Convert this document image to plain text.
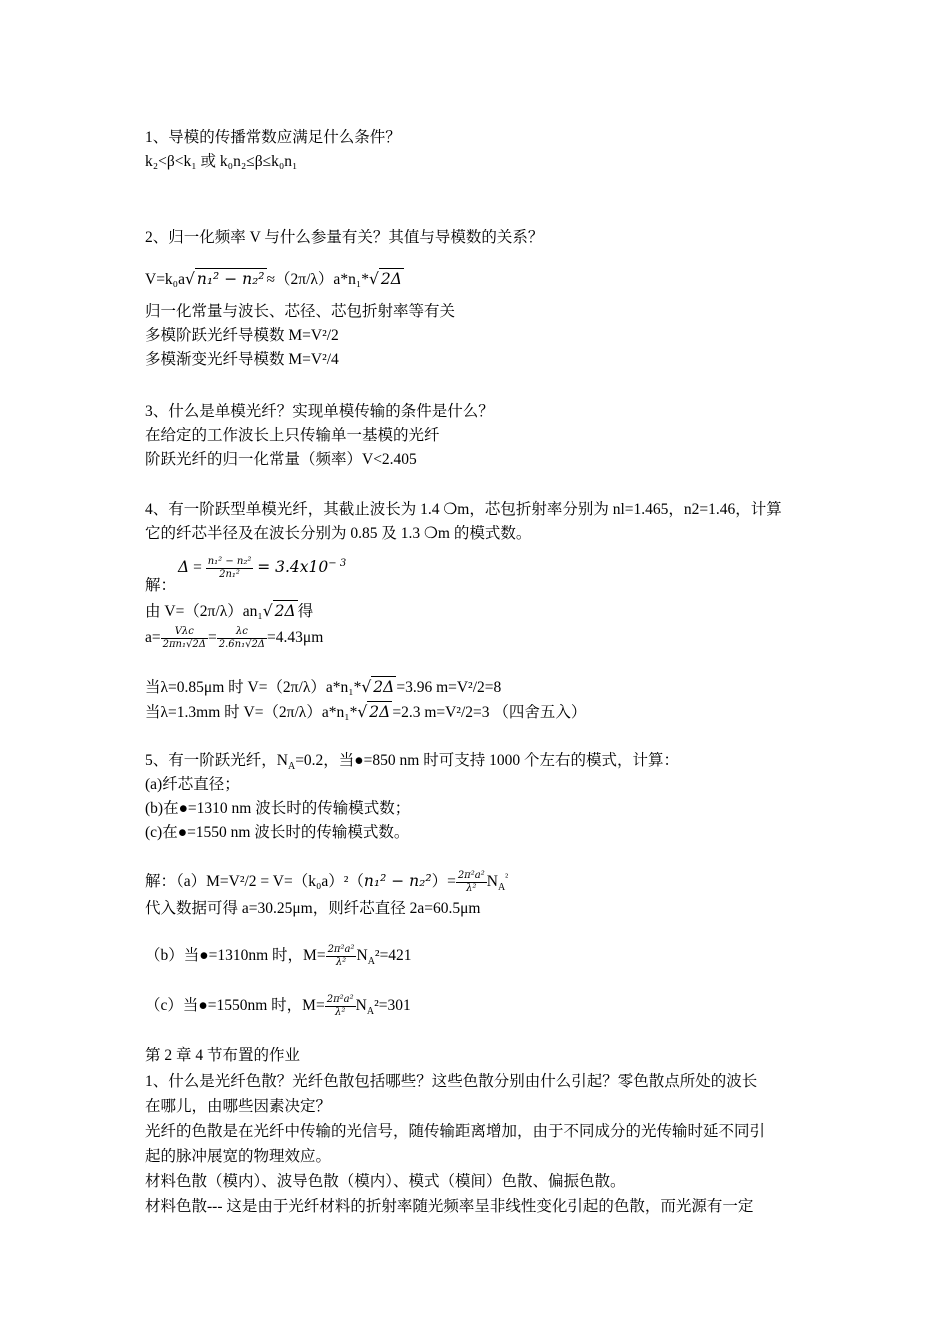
1、导模的传播常数应满足什么条件？
k₂<β<k₁ 或 k₀n₂≤β≤k₀n₁
2、归一化频率 V 与什么参量有关？其值与导模数的关系？
V=k₀a√ n₁² − n₂² ≈（2π/λ）a*n₁*√ 2Δ
归一化常量与波长、芯径、芯包折射率等有关
多模阶跃光纤导模数 M=V²/2
多模渐变光纤导模数 M=V²/4
3、什么是单模光纤？实现单模传输的条件是什么？
在给定的工作波长上只传输单一基模的光纤
阶跃光纤的归一化常量（频率）V<2.405
4、有一阶跃型单模光纤，其截止波长为 1.4 ❍m，芯包折射率分别为 nl=1.465，n2=1.46，计算
它的纤芯半径及在波长分别为 0.85 及 1.3 ❍m 的模式数。
$\Delta = \frac{\text{n₁² − n₂²}}{\text{2n₁²}} = 3.4x10^{- 3}$
解：
由 V=（2π/λ）an₁√ 2Δ 得
$a= \frac{\text{Vλc}}{\text{2πn₁√2Δ}} = \frac{\lambda c}{\text{2.6n₁√2Δ}} =4.43\mu m$
当λ=0.85μm 时 V=（2π/λ）a*n₁*√ 2Δ =3.96 m=V²/2=8
当λ=1.3mm 时 V=（2π/λ）a*n₁*√ 2Δ =2.3 m=V²/2=3 （四舍五入）
5、有一阶跃光纤，$N_A=0.2$，当●=850 nm 时可支持 1000 个左右的模式，计算：
(a)纤芯直径；
(b)在●=1310 nm 波长时的传输模式数；
(c)在●=1550 nm 波长时的传输模式数。
解：$(a)M=V^2/2 = V=(k_0a)^2(n_1^2 - n_2^2)= \frac{\text{2π²a²}}{\text{λ²}} N_A^{^2}$
代入数据可得 a=30.25μm，则纤芯直径 2a=60.5μm
（b）当●=1310nm 时，$M= \frac{\text{2π²a²}}{\text{λ²}} N_A^2=421$
（c）当●=1550nm 时，$M= \frac{\text{2π²a²}}{\text{λ²}} N_A^2=301$
第 2 章 4 节布置的作业
1、什么是光纤色散？光纤色散包括哪些？这些色散分别由什么引起？零色散点所处的波长
在哪儿，由哪些因素决定？
光纤的色散是在光纤中传输的光信号，随传输距离增加，由于不同成分的光传输时延不同引
起的脉冲展宽的物理效应。
材料色散（模内）、波导色散（模内）、模式（模间）色散、偏振色散。
材料色散--- 这是由于光纤材料的折射率随光频率呈非线性变化引起的色散，而光源有一定
